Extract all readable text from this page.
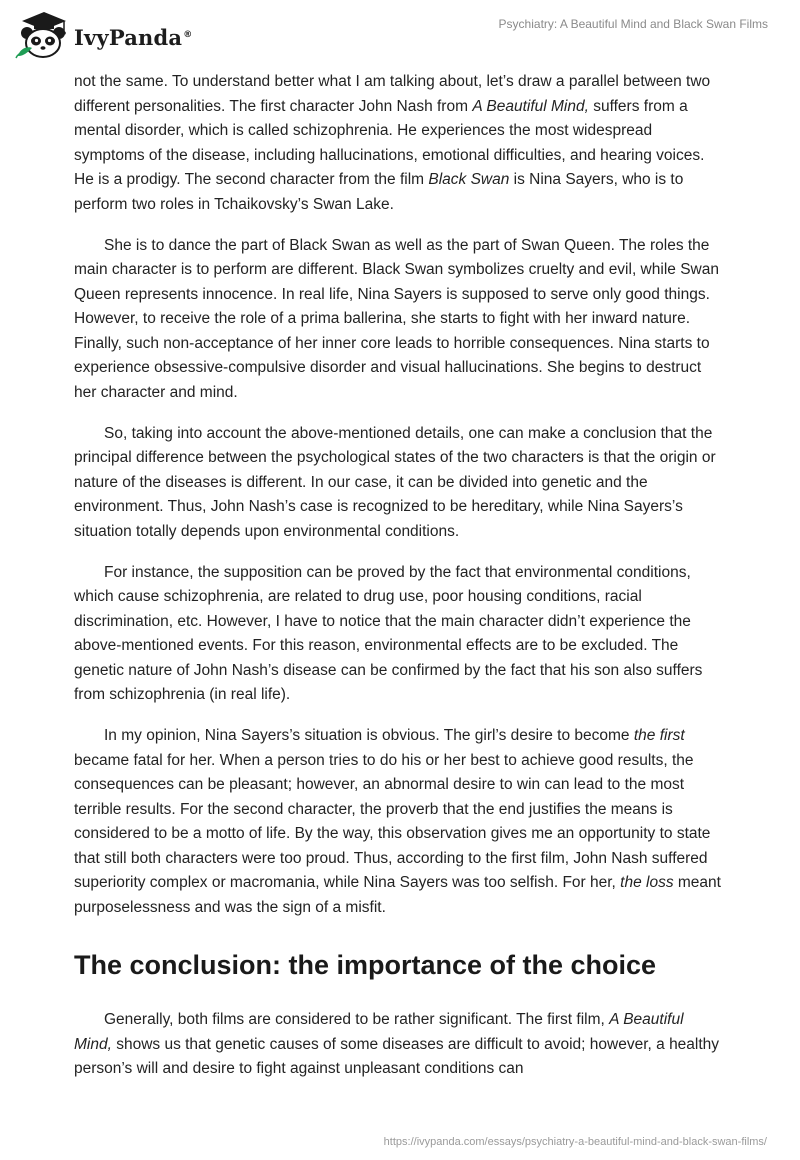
IvyPanda®
Psychiatry: A Beautiful Mind and Black Swan Films

not the same. To understand better what I am talking about, let’s draw a parallel between two different personalities. The first character John Nash from A Beautiful Mind, suffers from a mental disorder, which is called schizophrenia. He experiences the most widespread symptoms of the disease, including hallucinations, emotional difficulties, and hearing voices. He is a prodigy. The second character from the film Black Swan is Nina Sayers, who is to perform two roles in Tchaikovsky’s Swan Lake.

She is to dance the part of Black Swan as well as the part of Swan Queen. The roles the main character is to perform are different. Black Swan symbolizes cruelty and evil, while Swan Queen represents innocence. In real life, Nina Sayers is supposed to serve only good things. However, to receive the role of a prima ballerina, she starts to fight with her inward nature. Finally, such non-acceptance of her inner core leads to horrible consequences. Nina starts to experience obsessive-compulsive disorder and visual hallucinations. She begins to destruct her character and mind.

So, taking into account the above-mentioned details, one can make a conclusion that the principal difference between the psychological states of the two characters is that the origin or nature of the diseases is different. In our case, it can be divided into genetic and the environment. Thus, John Nash’s case is recognized to be hereditary, while Nina Sayers’s situation totally depends upon environmental conditions.

For instance, the supposition can be proved by the fact that environmental conditions, which cause schizophrenia, are related to drug use, poor housing conditions, racial discrimination, etc. However, I have to notice that the main character didn’t experience the above-mentioned events. For this reason, environmental effects are to be excluded. The genetic nature of John Nash’s disease can be confirmed by the fact that his son also suffers from schizophrenia (in real life).

In my opinion, Nina Sayers’s situation is obvious. The girl’s desire to become the first became fatal for her. When a person tries to do his or her best to achieve good results, the consequences can be pleasant; however, an abnormal desire to win can lead to the most terrible results. For the second character, the proverb that the end justifies the means is considered to be a motto of life. By the way, this observation gives me an opportunity to state that still both characters were too proud. Thus, according to the first film, John Nash suffered superiority complex or macromania, while Nina Sayers was too selfish. For her, the loss meant purposelessness and was the sign of a misfit.

The conclusion: the importance of the choice

Generally, both films are considered to be rather significant. The first film, A Beautiful Mind, shows us that genetic causes of some diseases are difficult to avoid; however, a healthy person’s will and desire to fight against unpleasant conditions can

https://ivypanda.com/essays/psychiatry-a-beautiful-mind-and-black-swan-films/
